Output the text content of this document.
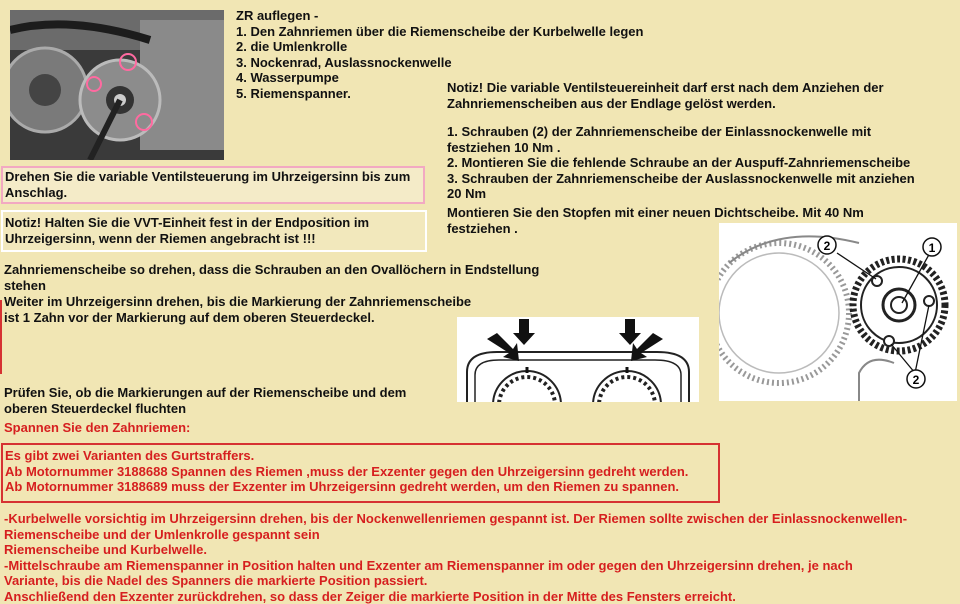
ZR auflegen -
1. Den Zahnriemen über die Riemenscheibe der Kurbelwelle legen
2. die Umlenkrolle
3. Nockenrad, Auslassnockenwelle
4. Wasserpumpe
5. Riemenspanner.	Notiz! Die variable Ventilsteuereinheit darf erst nach dem Anziehen der
Zahnriemenscheiben aus der Endlage gelöst werden.
1. Schrauben (2) der Zahnriemenscheibe der Einlassnockenwelle mit
festziehen 10 Nm .
2. Montieren Sie die fehlende Schraube an der Auspuff-Zahnriemenscheibe
3. Schrauben der Zahnriemenscheibe der Auslassnockenwelle mit anziehen
20 Nm
Montieren Sie den Stopfen mit einer neuen Dichtscheibe. Mit 40 Nm
festziehen .
Drehen Sie die variable Ventilsteuerung im Uhrzeigersinn bis zum
Anschlag.
Notiz! Halten Sie die VVT-Einheit fest in der Endposition im
Uhrzeigersinn, wenn der Riemen angebracht ist !!!
Zahnriemenscheibe so drehen, dass die Schrauben an den Ovallöchern in Endstellung
stehen
Weiter im Uhrzeigersinn drehen, bis die Markierung der Zahnriemenscheibe
ist 1 Zahn vor der Markierung auf dem oberen Steuerdeckel.
2	1
2
Prüfen Sie, ob die Markierungen auf der Riemenscheibe und dem
oberen Steuerdeckel fluchten
Spannen Sie den Zahnriemen:
Es gibt zwei Varianten des Gurtstraffers.
Ab Motornummer 3188688 Spannen des Riemen ,muss der Exzenter gegen den Uhrzeigersinn gedreht werden.
Ab Motornummer 3188689 muss der Exzenter im Uhrzeigersinn gedreht werden, um den Riemen zu spannen.
-Kurbelwelle vorsichtig im Uhrzeigersinn drehen, bis der Nockenwellenriemen gespannt ist. Der Riemen sollte zwischen der Einlassnockenwellen-
Riemenscheibe und der Umlenkrolle gespannt sein
Riemenscheibe und Kurbelwelle.
-Mittelschraube am Riemenspanner in Position halten und Exzenter am Riemenspanner im oder gegen den Uhrzeigersinn drehen, je nach
Variante, bis die Nadel des Spanners die markierte Position passiert.
Anschließend den Exzenter zurückdrehen, so dass der Zeiger die markierte Position in der Mitte des Fensters erreicht.
